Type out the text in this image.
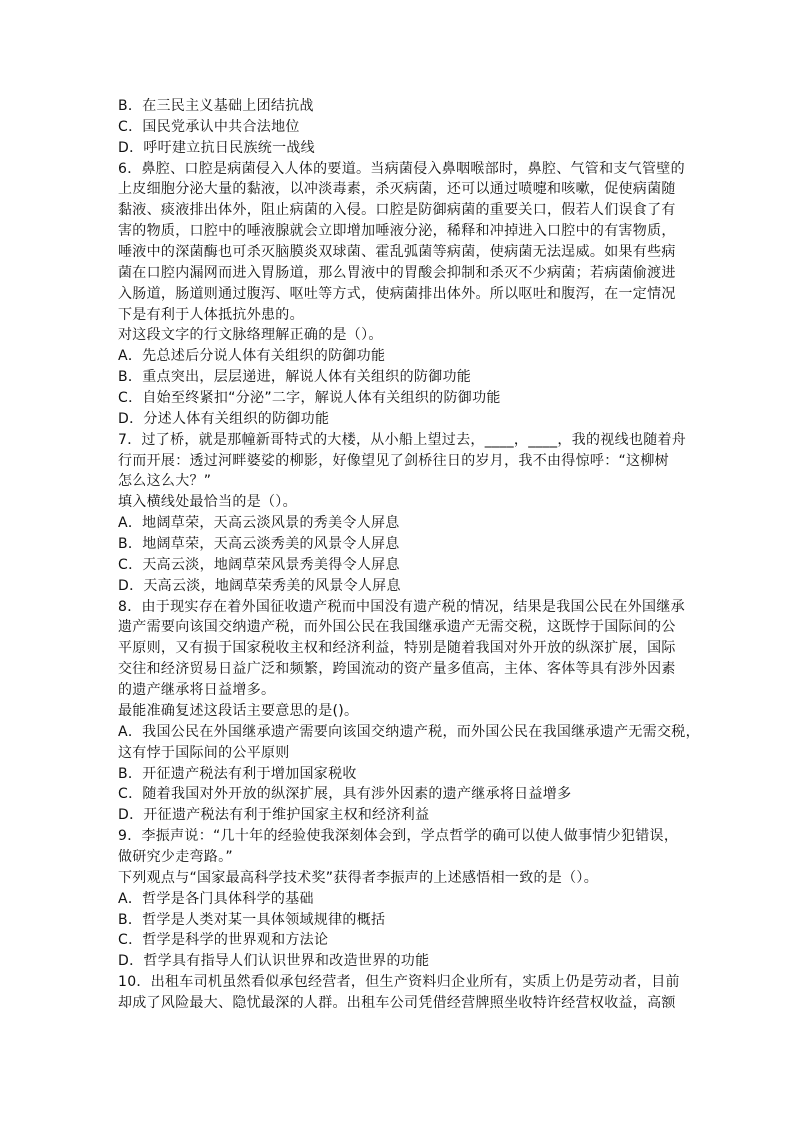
B．在三民主义基础上团结抗战
C．国民党承认中共合法地位
D．呼吁建立抗日民族统一战线
6．鼻腔、口腔是病菌侵入人体的要道。当病菌侵入鼻咽喉部时，鼻腔、气管和支气管壁的
上皮细胞分泌大量的黏液，以冲淡毒素，杀灭病菌，还可以通过喷嚏和咳嗽，促使病菌随
黏液、痰液排出体外，阻止病菌的入侵。口腔是防御病菌的重要关口，假若人们误食了有
害的物质，口腔中的唾液腺就会立即增加唾液分泌，稀释和冲掉进入口腔中的有害物质，
唾液中的深菌酶也可杀灭脑膜炎双球菌、霍乱弧菌等病菌，使病菌无法逞威。如果有些病
菌在口腔内漏网而进入胃肠道，那么胃液中的胃酸会抑制和杀灭不少病菌；若病菌偷渡进
入肠道，肠道则通过腹泻、呕吐等方式，使病菌排出体外。所以呕吐和腹泻，在一定情况
下是有利于人体抵抗外患的。
对这段文字的行文脉络理解正确的是（）。
A．先总述后分说人体有关组织的防御功能
B．重点突出，层层递进，解说人体有关组织的防御功能
C．自始至终紧扣“分泌”二字，解说人体有关组织的防御功能
D．分述人体有关组织的防御功能
7．过了桥，就是那幢新哥特式的大楼，从小船上望过去，____，____，我的视线也随着舟
行而开展：透过河畔婆娑的柳影，好像望见了剑桥往日的岁月，我不由得惊呼：“这柳树
怎么这么大？”
填入横线处最恰当的是（）。
A．地阔草荣，天高云淡风景的秀美令人屏息
B．地阔草荣，天高云淡秀美的风景令人屏息
C．天高云淡，地阔草荣风景秀美得令人屏息
D．天高云淡，地阔草荣秀美的风景令人屏息
8．由于现实存在着外国征收遗产税而中国没有遗产税的情况，结果是我国公民在外国继承
遗产需要向该国交纳遗产税，而外国公民在我国继承遗产无需交税，这既悖于国际间的公
平原则，又有损于国家税收主权和经济利益，特别是随着我国对外开放的纵深扩展，国际
交往和经济贸易日益广泛和频繁，跨国流动的资产量多值高，主体、客体等具有涉外因素
的遗产继承将日益增多。
最能准确复述这段话主要意思的是()。
A．我国公民在外国继承遗产需要向该国交纳遗产税，而外国公民在我国继承遗产无需交税，
这有悖于国际间的公平原则
B．开征遗产税法有利于增加国家税收
C．随着我国对外开放的纵深扩展，具有涉外因素的遗产继承将日益增多
D．开征遗产税法有利于维护国家主权和经济利益
9．李振声说：“几十年的经验使我深刻体会到，学点哲学的确可以使人做事情少犯错误，
做研究少走弯路。”
下列观点与“国家最高科学技术奖”获得者李振声的上述感悟相一致的是（）。
A．哲学是各门具体科学的基础
B．哲学是人类对某一具体领域规律的概括
C．哲学是科学的世界观和方法论
D．哲学具有指导人们认识世界和改造世界的功能
10．出租车司机虽然看似承包经营者，但生产资料归企业所有，实质上仍是劳动者，目前
却成了风险最大、隐忧最深的人群。出租车公司凭借经营牌照坐收特许经营权收益，高额
